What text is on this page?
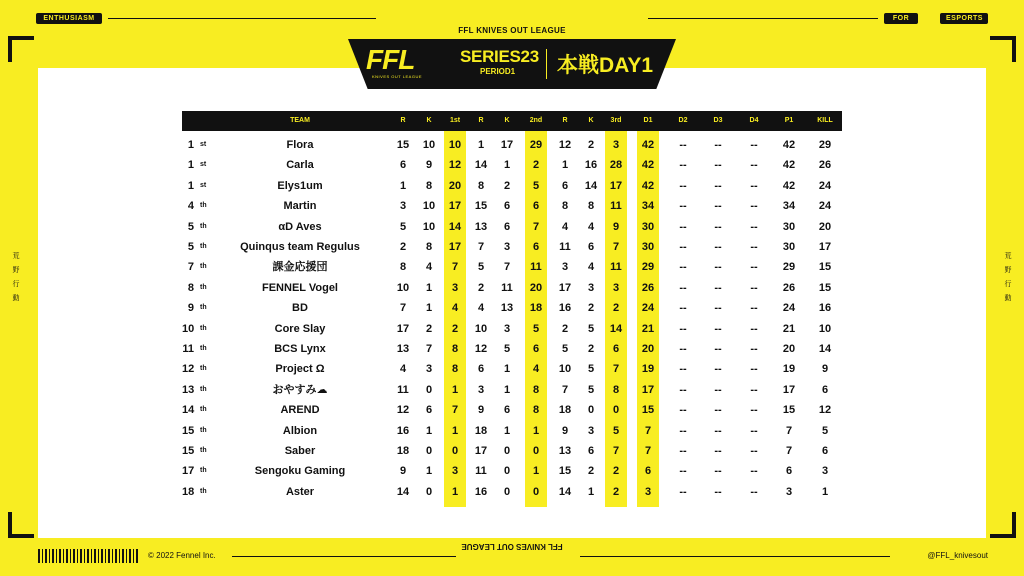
ENTHUSIASM	FOR	ESPORTS
FFL KNIVES OUT LEAGUE
FFL
KNIVES OUT LEAGUE
SERIES23
PERIOD1 本戦DAY1
荒
野
行
動
荒
野
行
動
TEAM	R	K	1st	R	K	2nd	R	K	3rd	D1	D2	D3	D4	P1	KILL
1 st	Flora	15	10	10	1	17	29	12	2	3	42	--	--	--	42	29
1 st	Carla	6	9	12	14	1	2	1	16	28	42	--	--	--	42	26
1 st	Elys1um	1	8	20	8	2	5	6	14	17	42	--	--	--	42	24
4 th	Martin	3	10	17	15	6	6	8	8	11	34	--	--	--	34	24
5 th	αD Aves	5	10	14	13	6	7	4	4	9	30	--	--	--	30	20
5 th	Quinqus team Regulus	2	8	17	7	3	6	11	6	7	30	--	--	--	30	17
7 th	課金応援団	8	4	7	5	7	11	3	4	11	29	--	--	--	29	15
8 th	FENNEL Vogel	10	1	3	2	11	20	17	3	3	26	--	--	--	26	15
9 th	BD	7	1	4	4	13	18	16	2	2	24	--	--	--	24	16
10 th	Core Slay	17	2	2	10	3	5	2	5	14	21	--	--	--	21	10
11 th	BCS Lynx	13	7	8	12	5	6	5	2	6	20	--	--	--	20	14
12 th	Project Ω	4	3	8	6	1	4	10	5	7	19	--	--	--	19	9
13 th	おやすみ☁	11	0	1	3	1	8	7	5	8	17	--	--	--	17	6
14 th	AREND	12	6	7	9	6	8	18	0	0	15	--	--	--	15	12
15 th	Albion	16	1	1	18	1	1	9	3	5	7	--	--	--	7	5
15 th	Saber	18	0	0	17	0	0	13	6	7	7	--	--	--	7	6
17 th	Sengoku Gaming	9	1	3	11	0	1	15	2	2	6	--	--	--	6	3
18 th	Aster	14	0	1	16	0	0	14	1	2	3	--	--	--	3	1
© 2022 Fennel Inc.
FFL KNIVES OUT LEAGUE
@FFL_knivesout
